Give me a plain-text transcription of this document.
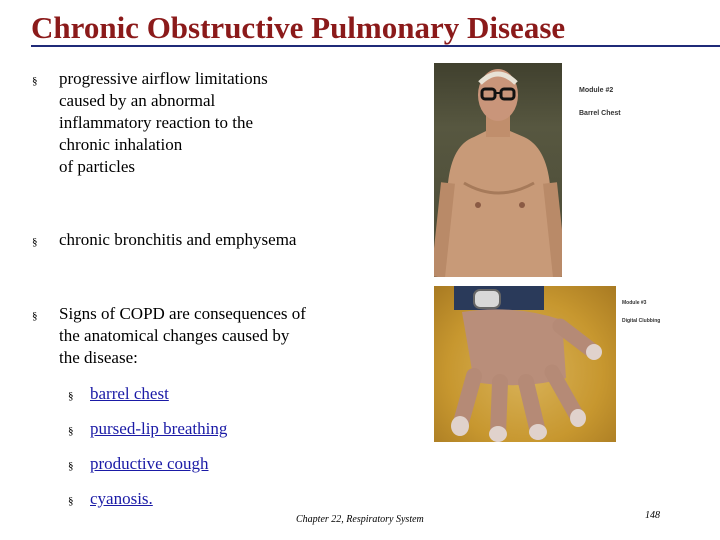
Chronic Obstructive Pulmonary Disease
§	progressive airflow limitations
caused by an abnormal
inflammatory reaction to the
chronic inhalation
of particles
§	chronic bronchitis and emphysema
§	Signs of COPD are consequences of
the anatomical changes caused by
the disease:
§ barrel chest
§ pursed-lip breathing
§ productive cough
§ cyanosis.
Module #2
Barrel Chest
Module #3
Digital Clubbing
Chapter 22, Respiratory System	148
